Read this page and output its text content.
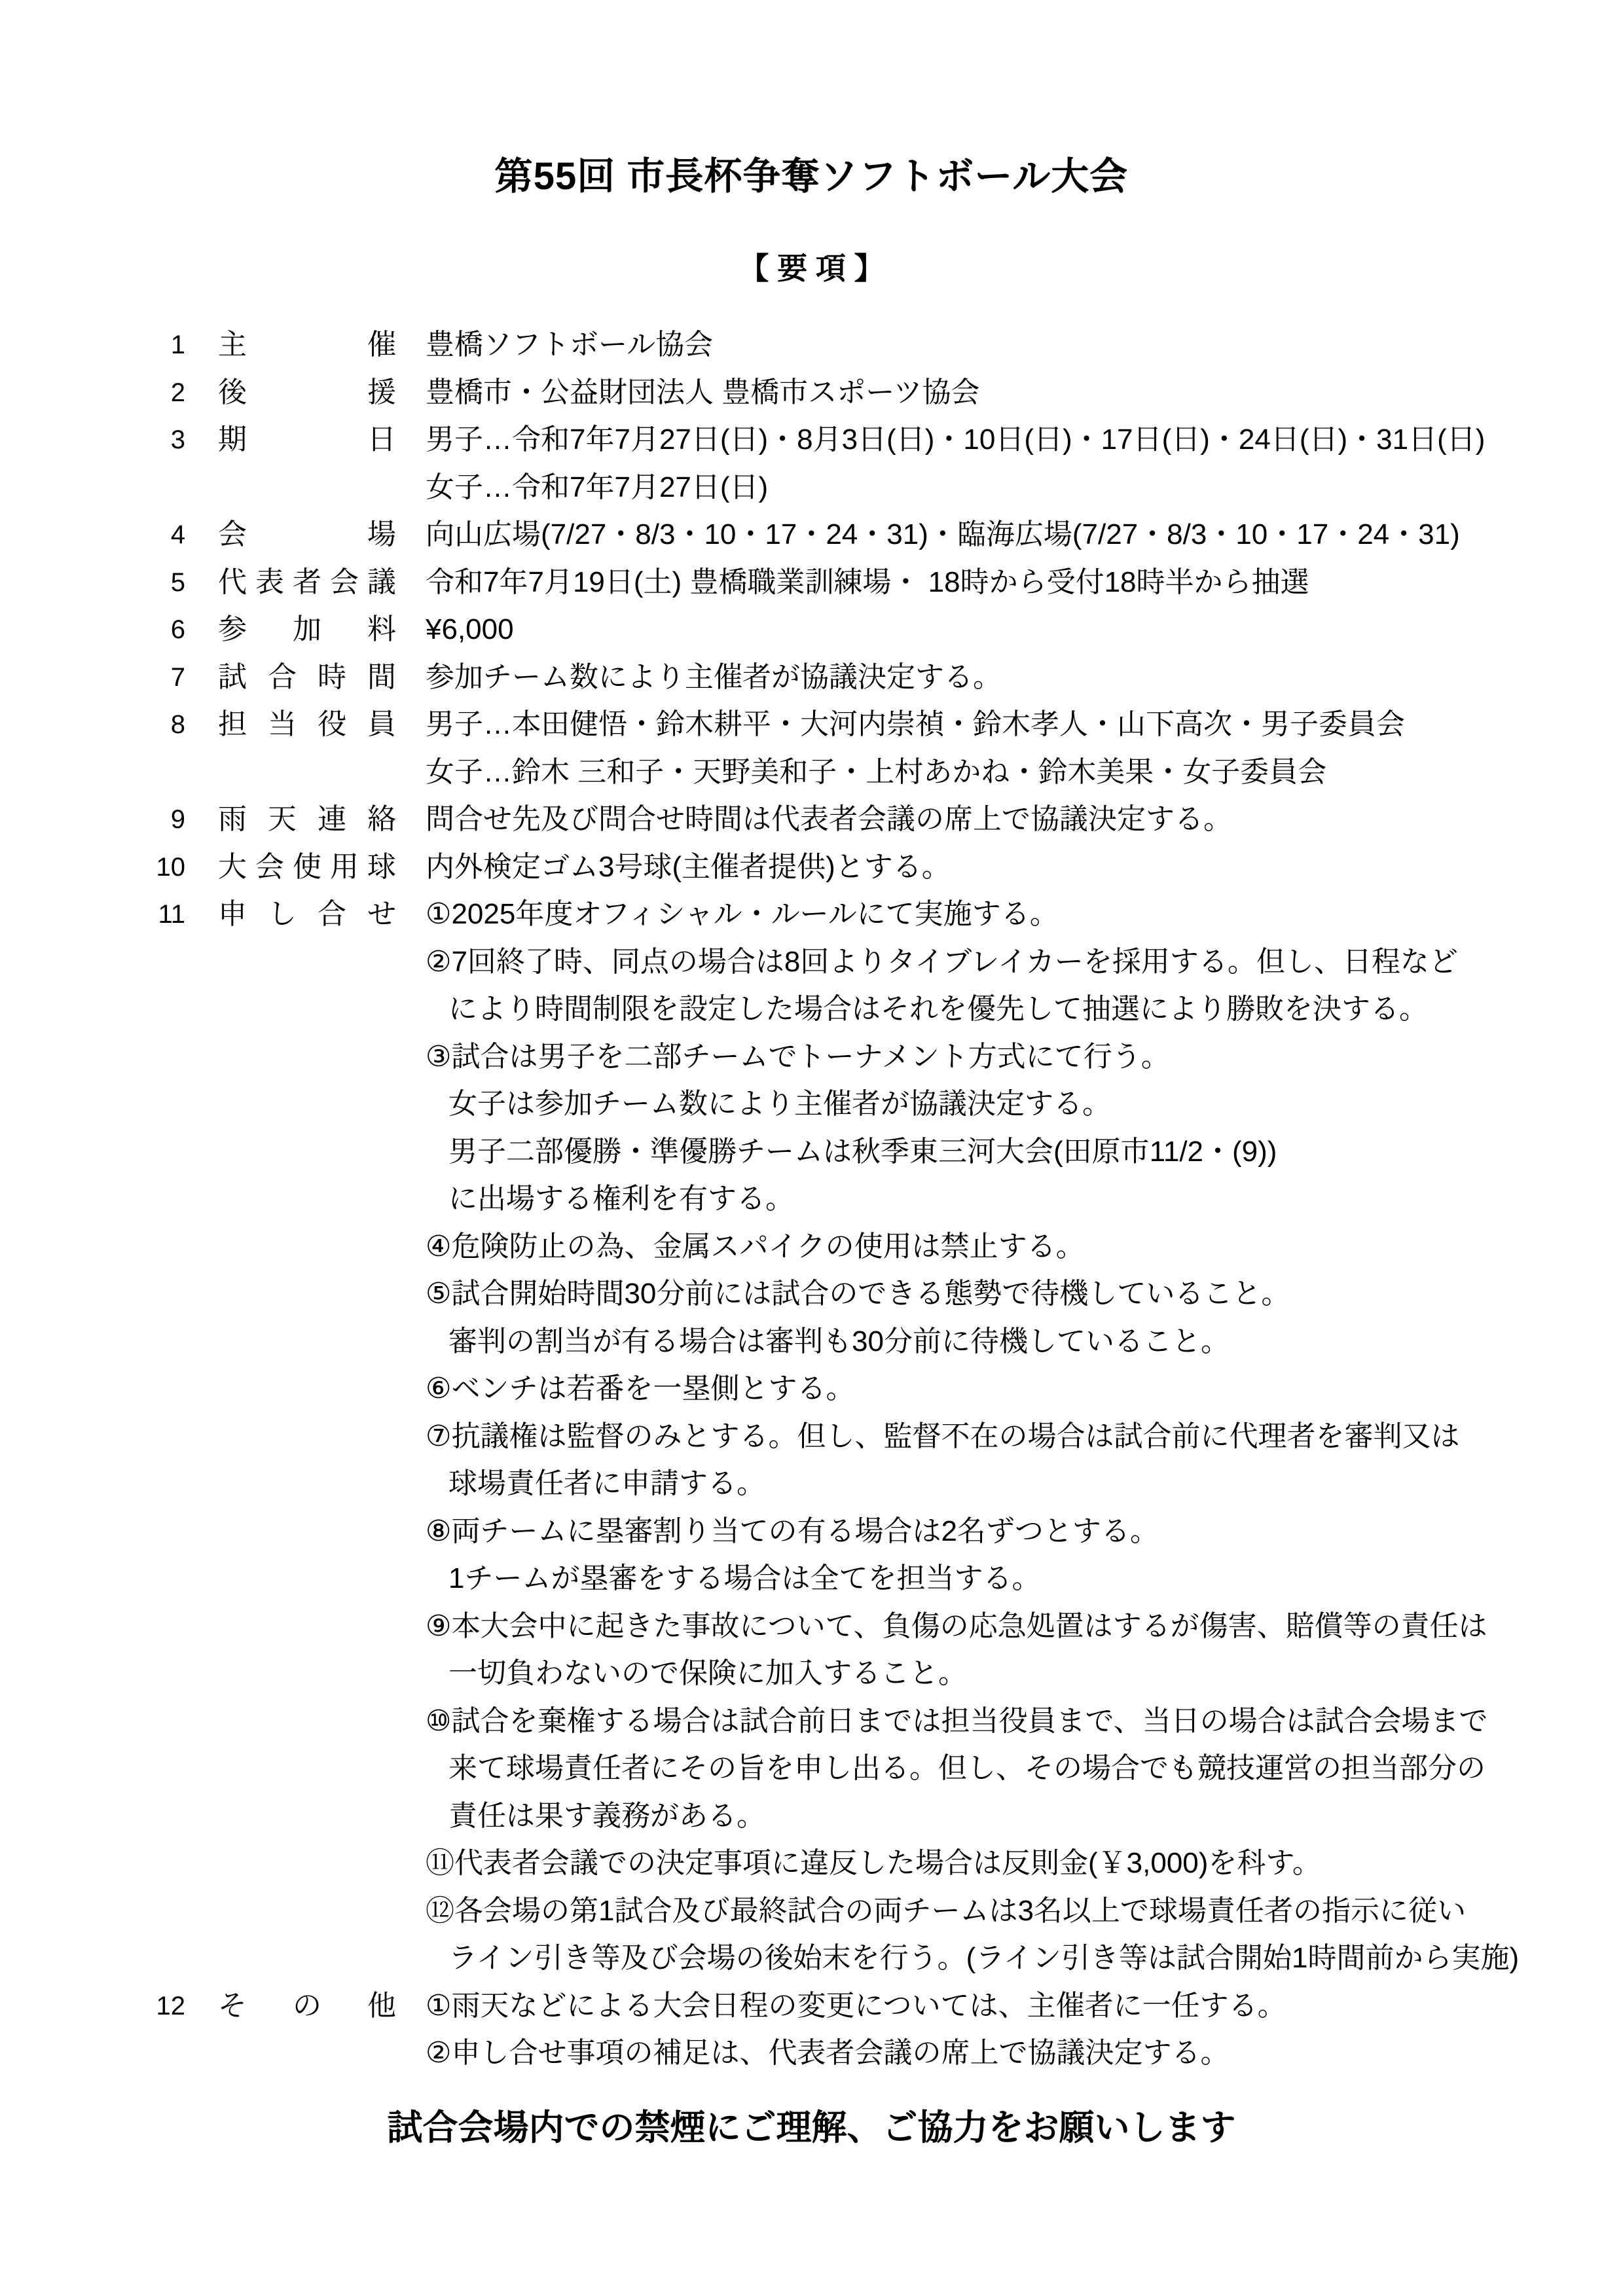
第55回 市長杯争奪ソフトボール大会
【 要 項 】
1 主	催 豊橋ソフトボール協会
2 後	援 豊橋市・公益財団法人 豊橋市スポーツ協会
3 期	日 男子…令和7年7月27日(日)・8月3日(日)・10日(日)・17日(日)・24日(日)・31日(日)
女子…令和7年7月27日(日)
4 会	場 向山広場(7/27・8/3・10・17・24・31)・臨海広場(7/27・8/3・10・17・24・31)
5 代 表 者 会 議 令和7年7月19日(土) 豊橋職業訓練場・ 18時から受付18時半から抽選
6 参 加 料 ¥6,000
7 試 合 時 間 参加チーム数により主催者が協議決定する。
8 担 当 役 員 男子…本田健悟・鈴木耕平・大河内崇禎・鈴木孝人・山下高次・男子委員会
女子…鈴木 三和子・天野美和子・上村あかね・鈴木美果・女子委員会
9 雨 天 連 絡 問合せ先及び問合せ時間は代表者会議の席上で協議決定する。
10 大 会 使 用 球 内外検定ゴム3号球(主催者提供)とする。
11 申 し 合 せ ①2025年度オフィシャル・ルールにて実施する。
②7回終了時、同点の場合は8回よりタイブレイカーを採用する。但し、日程など
により時間制限を設定した場合はそれを優先して抽選により勝敗を決する。
③試合は男子を二部チームでトーナメント方式にて行う。
女子は参加チーム数により主催者が協議決定する。
男子二部優勝・準優勝チームは秋季東三河大会(田原市11/2・(9))
に出場する権利を有する。
④危険防止の為、金属スパイクの使用は禁止する。
⑤試合開始時間30分前には試合のできる態勢で待機していること。
審判の割当が有る場合は審判も30分前に待機していること。
⑥ベンチは若番を一塁側とする。
⑦抗議権は監督のみとする。但し、監督不在の場合は試合前に代理者を審判又は
球場責任者に申請する。
⑧両チームに塁審割り当ての有る場合は2名ずつとする。
1チームが塁審をする場合は全てを担当する。
⑨本大会中に起きた事故について、負傷の応急処置はするが傷害、賠償等の責任は
一切負わないので保険に加入すること。
⑩試合を棄権する場合は試合前日までは担当役員まで、当日の場合は試合会場まで
来て球場責任者にその旨を申し出る。但し、その場合でも競技運営の担当部分の
責任は果す義務がある。
⑪代表者会議での決定事項に違反した場合は反則金(￥3,000)を科す。
⑫各会場の第1試合及び最終試合の両チームは3名以上で球場責任者の指示に従い
ライン引き等及び会場の後始末を行う。(ライン引き等は試合開始1時間前から実施)
12 そ の 他 ①雨天などによる大会日程の変更については、主催者に一任する。
②申し合せ事項の補足は、代表者会議の席上で協議決定する。
試合会場内での禁煙にご理解、ご協力をお願いします
